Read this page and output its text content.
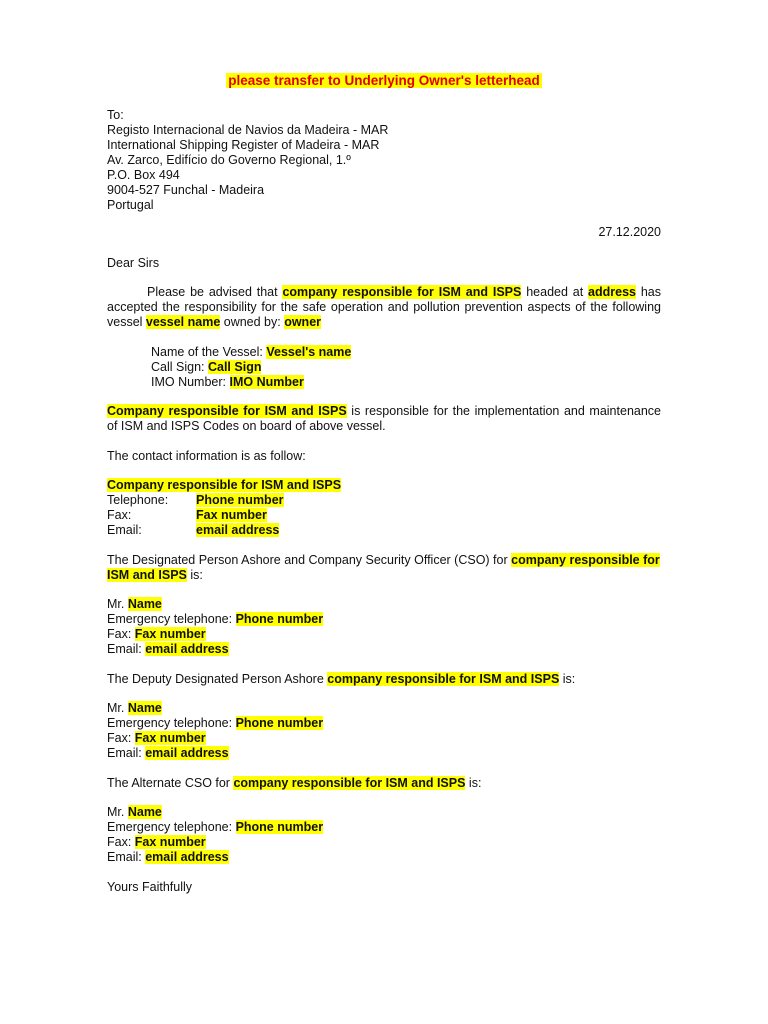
please transfer to Underlying Owner's letterhead
To:
Registo Internacional de Navios da Madeira - MAR
International Shipping Register of Madeira - MAR
Av. Zarco, Edifício do Governo Regional, 1.º
P.O. Box 494
9004-527 Funchal - Madeira
Portugal
27.12.2020
Dear Sirs
Please be advised that company responsible for ISM and ISPS headed at address has accepted the responsibility for the safe operation and pollution prevention aspects of the following vessel vessel name owned by: owner
Name of the Vessel: Vessel's name
Call Sign: Call Sign
IMO Number: IMO Number
Company responsible for ISM and ISPS is responsible for the implementation and maintenance of ISM and ISPS Codes on board of above vessel.
The contact information is as follow:
Company responsible for ISM and ISPS
Telephone: Phone number
Fax:	Fax number
Email:	email address
The Designated Person Ashore and Company Security Officer (CSO) for company responsible for ISM and ISPS is:
Mr. Name
Emergency telephone: Phone number
Fax: Fax number
Email: email address
The Deputy Designated Person Ashore company responsible for ISM and ISPS is:
Mr. Name
Emergency telephone: Phone number
Fax: Fax number
Email: email address
The Alternate CSO for company responsible for ISM and ISPS is:
Mr. Name
Emergency telephone: Phone number
Fax: Fax number
Email: email address
Yours Faithfully
